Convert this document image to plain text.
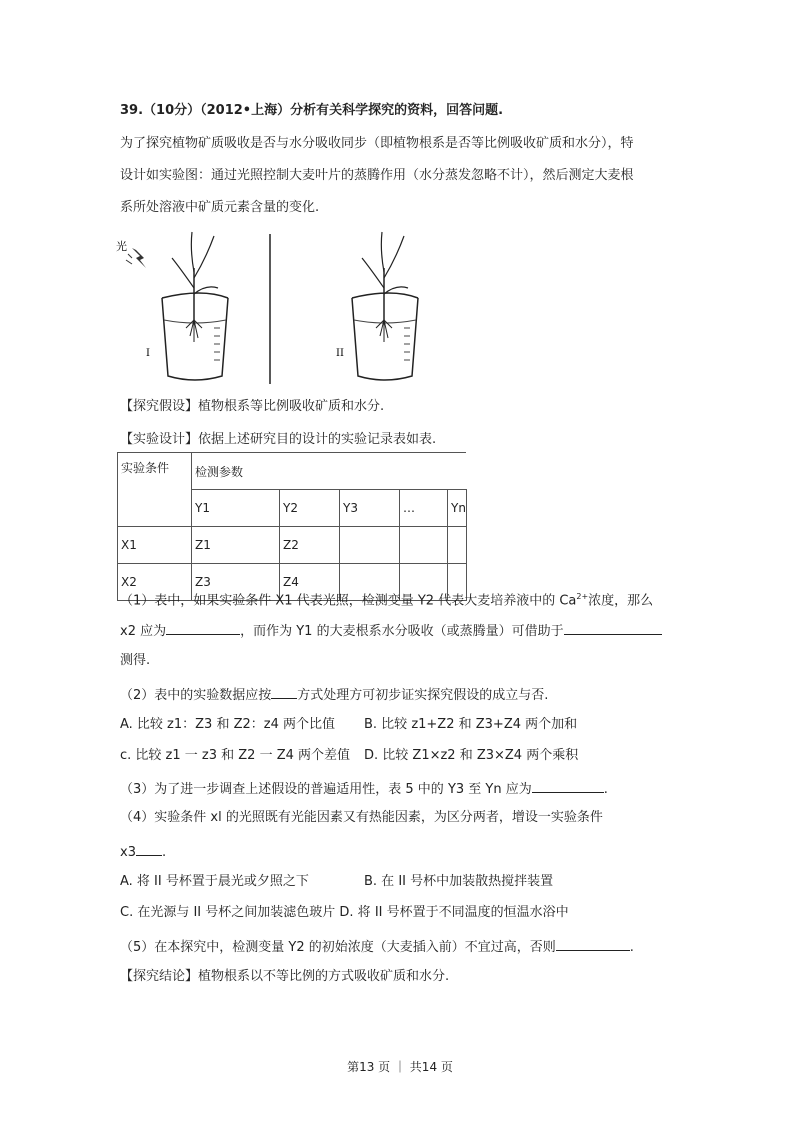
39.（10分）（2012•上海）分析有关科学探究的资料，回答问题.
为了探究植物矿质吸收是否与水分吸收同步（即植物根系是否等比例吸收矿质和水分），特
设计如实验图：通过光照控制大麦叶片的蒸腾作用（水分蒸发忽略不计），然后测定大麦根
系所处溶液中矿质元素含量的变化.
光
I	II
【探究假设】植物根系等比例吸收矿质和水分.
【实验设计】依据上述研究目的设计的实验记录表如表.
实验条件	检测参数				
	Y1	Y2	Y3	…	Yn
X1	Z1	Z2			
X2	Z3	Z4			
（1）表中，如果实验条件 X1 代表光照，检测变量 Y2 代表大麦培养液中的 $Ca^{2+}$浓度，那么
x2 应为	，而作为 Y1 的大麦根系水分吸收（或蒸腾量）可借助于
测得.
（2）表中的实验数据应按 方式处理方可初步证实探究假设的成立与否.
A. 比较 z1：Z3 和 Z2：z4 两个比值 B. 比较 z1+Z2 和 Z3+Z4 两个加和
c. 比较 z1 一 z3 和 Z2 一 Z4 两个差值 D. 比较 Z1×z2 和 Z3×Z4 两个乘积
（3）为了进一步调查上述假设的普遍适用性，表 5 中的 Y3 至 Yn 应为	.
（4）实验条件 xl 的光照既有光能因素又有热能因素，为区分两者，增设一实验条件
x3 .
A. 将 II 号杯置于晨光或夕照之下	B. 在 II 号杯中加装散热搅拌装置
C. 在光源与 II 号杯之间加装滤色玻片 D. 将 II 号杯置于不同温度的恒温水浴中
（5）在本探究中，检测变量 Y2 的初始浓度（大麦插入前）不宜过高，否则	.
【探究结论】植物根系以不等比例的方式吸收矿质和水分.
第13 页 ｜ 共14 页
